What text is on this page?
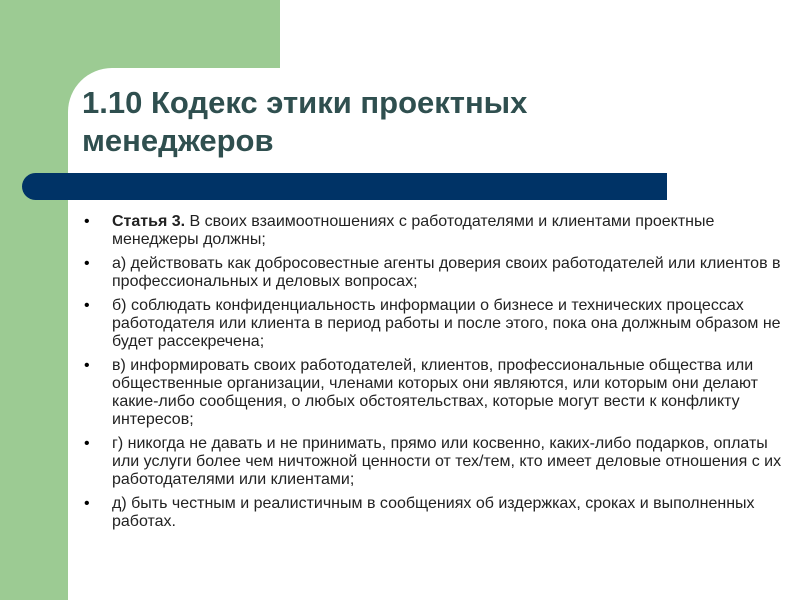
1.10 Кодекс этики проектных
менеджеров
• Статья 3. В своих взаимоотношениях с работодателями и клиентами проектные менеджеры должны;
• а) действовать как добросовестные агенты доверия своих работодателей или клиентов в профессиональных и деловых вопросах;
• б) соблюдать конфиденциальность информации о бизнесе и технических процессах работодателя или клиента в период работы и после этого, пока она должным образом не будет рассекречена;
• в) информировать своих работодателей, клиентов, профессиональные общества или общественные организации, членами которых они являются, или которым они делают какие-либо сообщения, о любых обстоятельствах, которые могут вести к конфликту интересов;
• г) никогда не давать и не принимать, прямо или косвенно, каких-либо подарков, оплаты или услуги более чем ничтожной ценности от тех/тем, кто имеет деловые отношения с их работодателями или клиентами;
• д) быть честным и реалистичным в сообщениях об издержках, сроках и выполненных работах.
